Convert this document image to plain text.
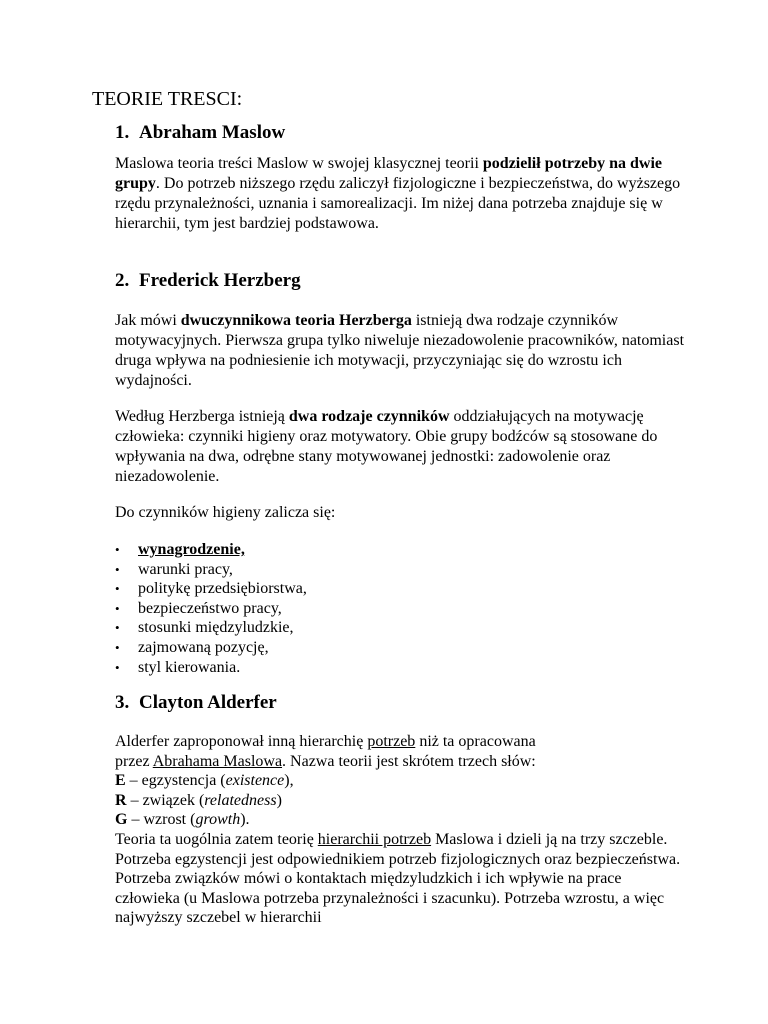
TEORIE TRESCI:
1. Abraham Maslow

Maslowa teoria treści Maslow w swojej klasycznej teorii podzielił potrzeby na dwie grupy. Do potrzeb niższego rzędu zaliczył fizjologiczne i bezpieczeństwa, do wyższego rzędu przynależności, uznania i samorealizacji. Im niżej dana potrzeba znajduje się w hierarchii, tym jest bardziej podstawowa.

2. Frederick Herzberg

Jak mówi dwuczynnikowa teoria Herzberga istnieją dwa rodzaje czynników motywacyjnych. Pierwsza grupa tylko niweluje niezadowolenie pracowników, natomiast druga wpływa na podniesienie ich motywacji, przyczyniając się do wzrostu ich wydajności.

Według Herzberga istnieją dwa rodzaje czynników oddziałujących na motywację człowieka: czynniki higieny oraz motywatory. Obie grupy bodźców są stosowane do wpływania na dwa, odrębne stany motywowanej jednostki: zadowolenie oraz niezadowolenie.

Do czynników higieny zalicza się:

• wynagrodzenie,
• warunki pracy,
• politykę przedsiębiorstwa,
• bezpieczeństwo pracy,
• stosunki międzyludzkie,
• zajmowaną pozycję,
• styl kierowania.
3. Clayton Alderfer
Alderfer zaproponował inną hierarchię potrzeb niż ta opracowana
przez Abrahama Maslowa. Nazwa teorii jest skrótem trzech słów:
E – egzystencja (existence),
R – związek (relatedness)
G – wzrost (growth).

Teoria ta uogólnia zatem teorię hierarchii potrzeb Maslowa i dzieli ją na trzy szczeble. Potrzeba egzystencji jest odpowiednikiem potrzeb fizjologicznych oraz bezpieczeństwa. Potrzeba związków mówi o kontaktach międzyludzkich i ich wpływie na prace człowieka (u Maslowa potrzeba przynależności i szacunku). Potrzeba wzrostu, a więc najwyższy szczebel w hierarchii
